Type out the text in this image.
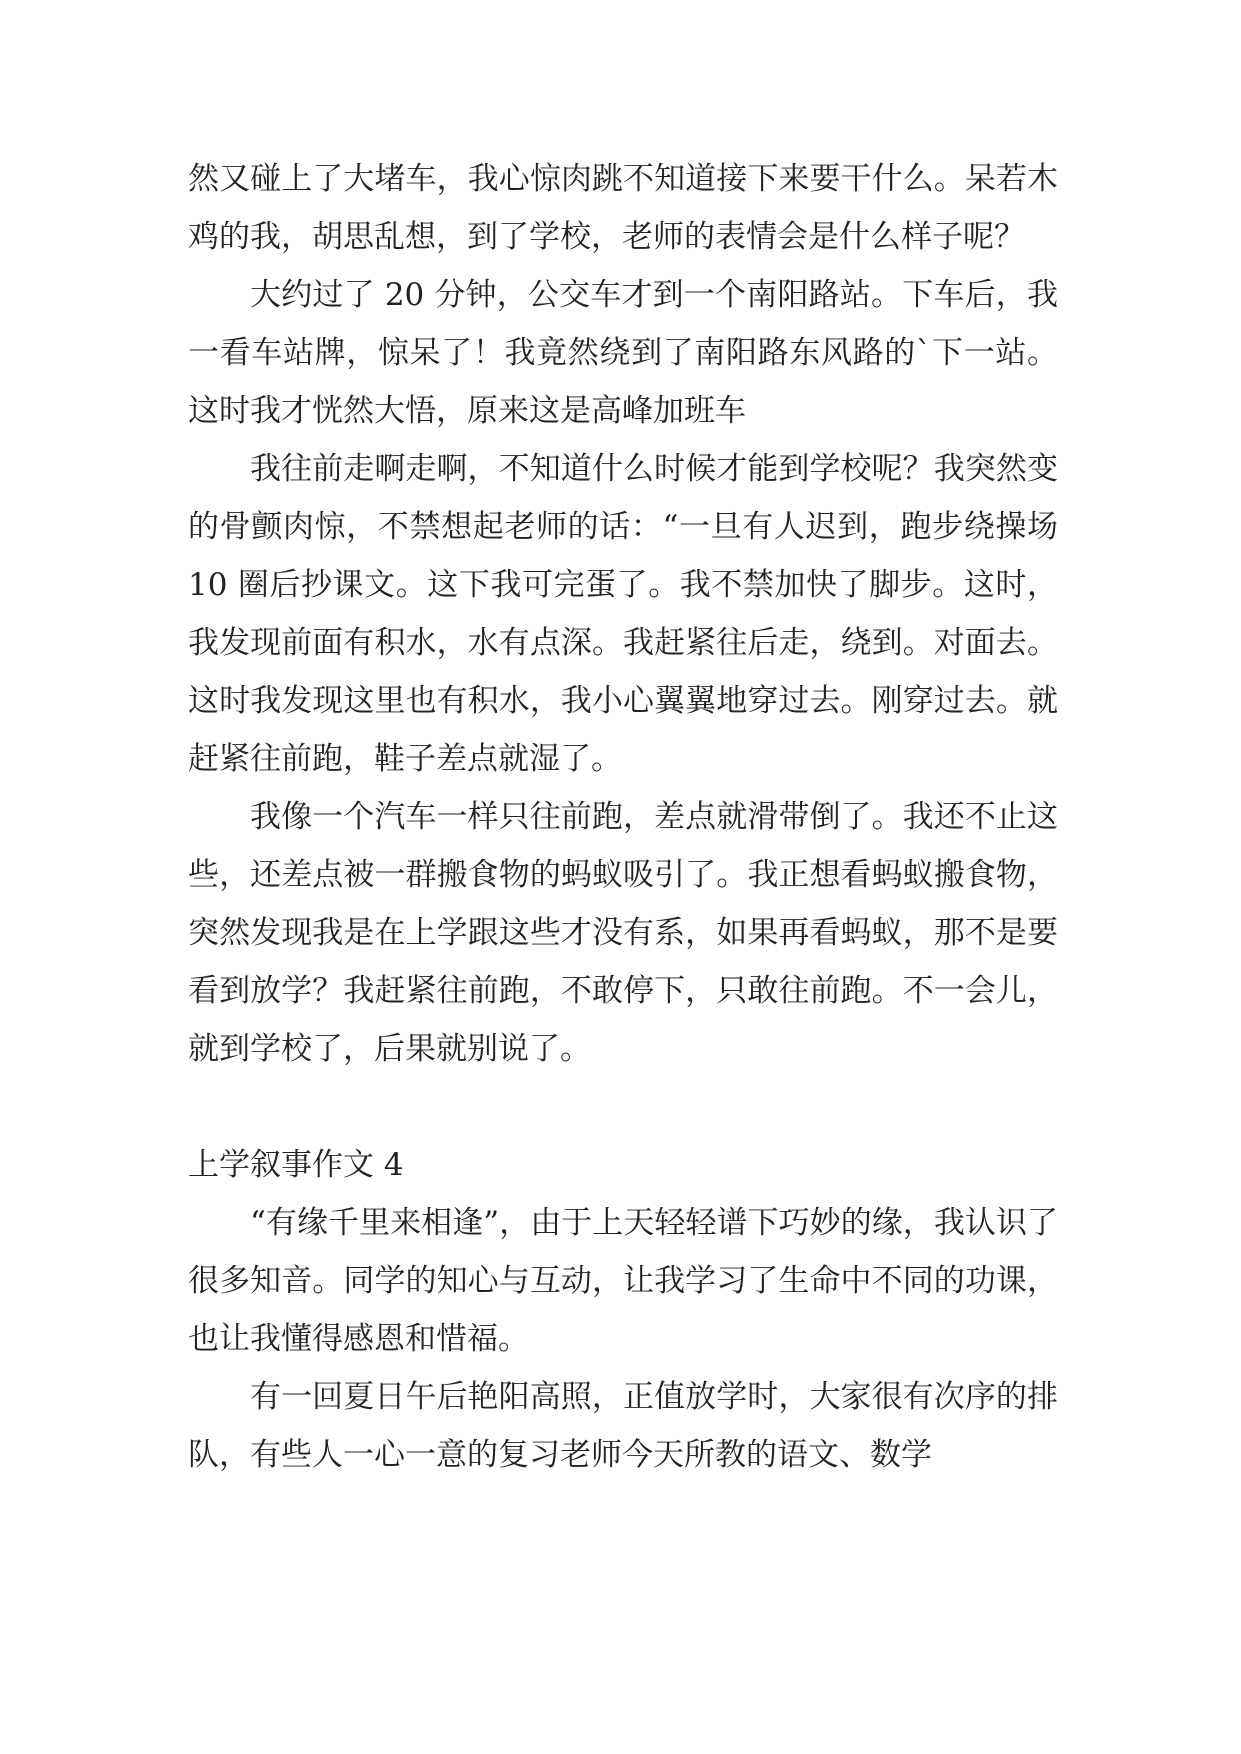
然又碰上了大堵车，我心惊肉跳不知道接下来要干什么。呆若木鸡的我，胡思乱想，到了学校，老师的表情会是什么样子呢？

大约过了 20 分钟，公交车才到一个南阳路站。下车后，我一看车站牌，惊呆了！我竟然绕到了南阳路东风路的`下一站。这时我才恍然大悟，原来这是高峰加班车

我往前走啊走啊，不知道什么时候才能到学校呢？我突然变的骨颤肉惊，不禁想起老师的话：“一旦有人迟到，跑步绕操场 10 圈后抄课文。这下我可完蛋了。我不禁加快了脚步。这时，我发现前面有积水，水有点深。我赶紧往后走，绕到。对面去。这时我发现这里也有积水，我小心翼翼地穿过去。刚穿过去。就赶紧往前跑，鞋子差点就湿了。

我像一个汽车一样只往前跑，差点就滑带倒了。我还不止这些，还差点被一群搬食物的蚂蚁吸引了。我正想看蚂蚁搬食物，突然发现我是在上学跟这些才没有系，如果再看蚂蚁，那不是要看到放学？我赶紧往前跑，不敢停下，只敢往前跑。不一会儿，就到学校了，后果就别说了。

上学叙事作文 4

“有缘千里来相逢”，由于上天轻轻谱下巧妙的缘，我认识了很多知音。同学的知心与互动，让我学习了生命中不同的功课，也让我懂得感恩和惜福。

有一回夏日午后艳阳高照，正值放学时，大家很有次序的排队，有些人一心一意的复习老师今天所教的语文、数学
